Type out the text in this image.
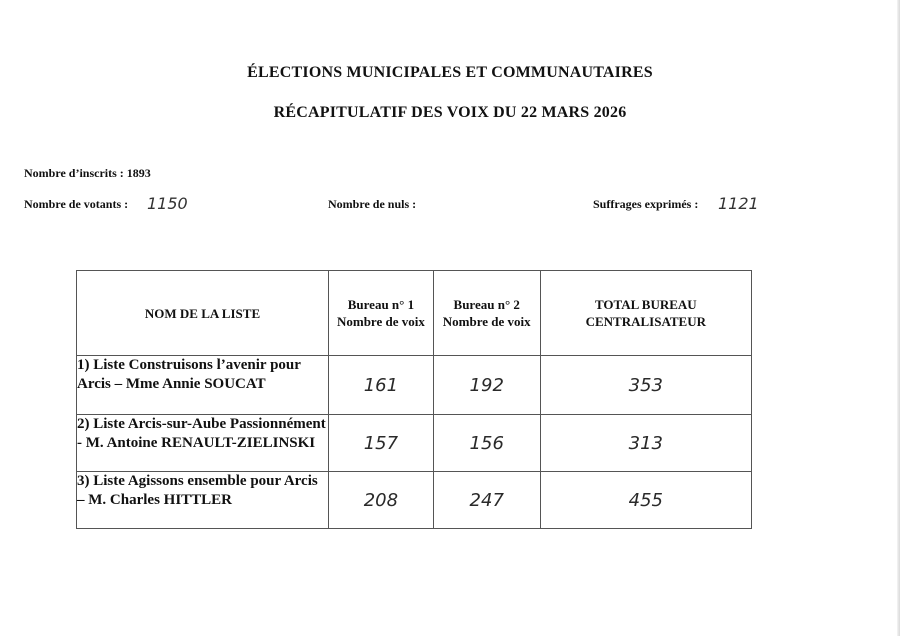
ÉLECTIONS MUNICIPALES ET COMMUNAUTAIRES
RÉCAPITULATIF DES VOIX DU 22 MARS 2026
Nombre d’inscrits : 1893
Nombre de votants : 1150	Nombre de nuls :	Suffrages exprimés : 1121
NOM DE LA LISTE	Bureau n° 1 Nombre de voix	Bureau n° 2 Nombre de voix	TOTAL BUREAU CENTRALISATEUR

1) Liste Construisons l’avenir pour Arcis – Mme Annie SOUCAT	161	192	353
2) Liste Arcis-sur-Aube Passionnément - M. Antoine RENAULT-ZIELINSKI	157	156	313
3) Liste Agissons ensemble pour Arcis – M. Charles HITTLER	208	247	455
